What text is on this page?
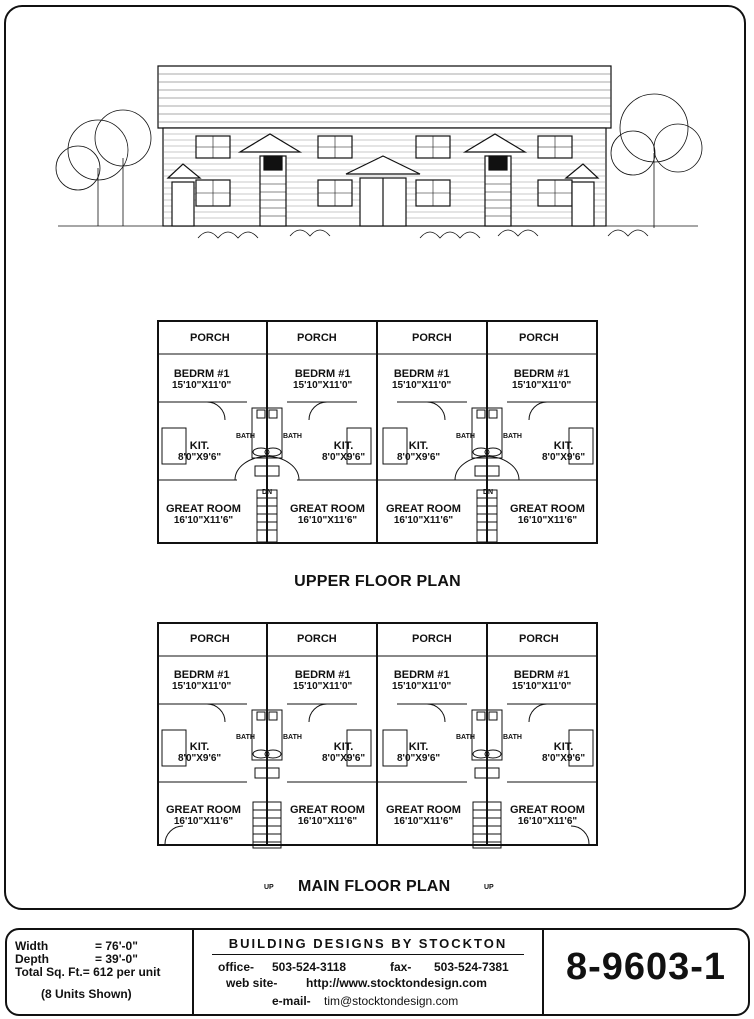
PORCH	PORCH	PORCH	PORCH
BEDRM #1
15'10"X11'0"
BEDRM #1
15'10"X11'0"
BEDRM #1
15'10"X11'0"
BEDRM #1
15'10"X11'0"
KIT.
8'0"X9'6"
KIT.
8'0"X9'6"
KIT.
8'0"X9'6"
KIT.
8'0"X9'6"
BATH	BATH	BATH	BATH
GREAT ROOM
16'10"X11'6"
GREAT ROOM
16'10"X11'6"
GREAT ROOM
16'10"X11'6"
GREAT ROOM
16'10"X11'6"
DN	DN
UPPER FLOOR PLAN
PORCH	PORCH	PORCH	PORCH
BEDRM #1
15'10"X11'0"
BEDRM #1
15'10"X11'0"
BEDRM #1
15'10"X11'0"
BEDRM #1
15'10"X11'0"
KIT.
8'0"X9'6"
KIT.
8'0"X9'6"
KIT.
8'0"X9'6"
KIT.
8'0"X9'6"
BATH	BATH	BATH	BATH
GREAT ROOM
16'10"X11'6"
GREAT ROOM
16'10"X11'6"
GREAT ROOM
16'10"X11'6"
GREAT ROOM
16'10"X11'6"
UP	UP
MAIN FLOOR PLAN
Width	= 76'-0"
Depth	= 39'-0"
Total Sq. Ft.= 612 per unit
(8 Units Shown)
BUILDING DESIGNS BY STOCKTON
office- 503-524-3118	fax- 503-524-7381
web site- http://www.stocktondesign.com
e-mail- tim@stocktondesign.com
8-9603-1
